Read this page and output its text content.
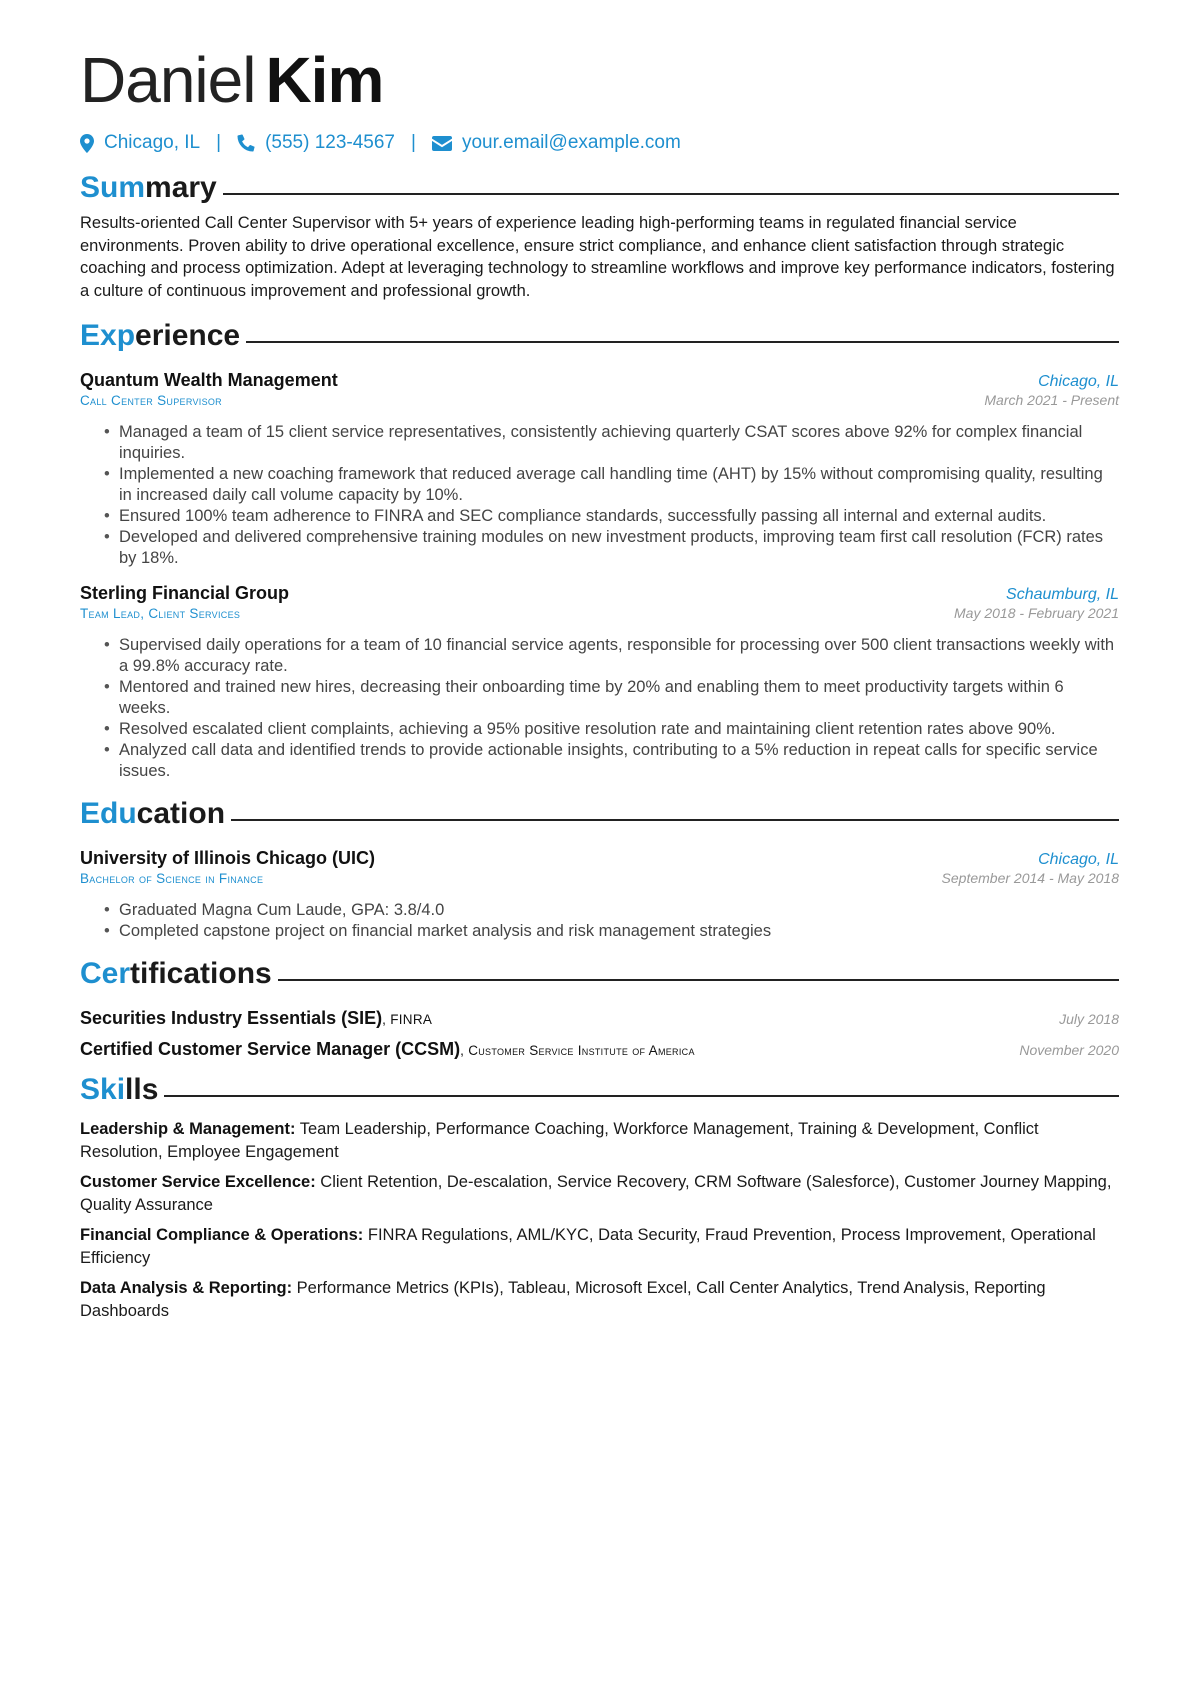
Daniel Kim
Chicago, IL | (555) 123-4567 | your.email@example.com
Summary
Results-oriented Call Center Supervisor with 5+ years of experience leading high-performing teams in regulated financial service environments. Proven ability to drive operational excellence, ensure strict compliance, and enhance client satisfaction through strategic coaching and process optimization. Adept at leveraging technology to streamline workflows and improve key performance indicators, fostering a culture of continuous improvement and professional growth.
Experience
Quantum Wealth Management	Chicago, IL
Call Center Supervisor	March 2021 - Present
• Managed a team of 15 client service representatives, consistently achieving quarterly CSAT scores above 92% for complex financial inquiries.
• Implemented a new coaching framework that reduced average call handling time (AHT) by 15% without compromising quality, resulting in increased daily call volume capacity by 10%.
• Ensured 100% team adherence to FINRA and SEC compliance standards, successfully passing all internal and external audits.
• Developed and delivered comprehensive training modules on new investment products, improving team first call resolution (FCR) rates by 18%.
Sterling Financial Group	Schaumburg, IL
Team Lead, Client Services	May 2018 - February 2021
• Supervised daily operations for a team of 10 financial service agents, responsible for processing over 500 client transactions weekly with a 99.8% accuracy rate.
• Mentored and trained new hires, decreasing their onboarding time by 20% and enabling them to meet productivity targets within 6 weeks.
• Resolved escalated client complaints, achieving a 95% positive resolution rate and maintaining client retention rates above 90%.
• Analyzed call data and identified trends to provide actionable insights, contributing to a 5% reduction in repeat calls for specific service issues.
Education
University of Illinois Chicago (UIC)	Chicago, IL
Bachelor of Science in Finance	September 2014 - May 2018
• Graduated Magna Cum Laude, GPA: 3.8/4.0
• Completed capstone project on financial market analysis and risk management strategies
Certifications
Securities Industry Essentials (SIE), FINRA	July 2018
Certified Customer Service Manager (CCSM), Customer Service Institute of America	November 2020
Skills
Leadership & Management: Team Leadership, Performance Coaching, Workforce Management, Training & Development, Conflict Resolution, Employee Engagement
Customer Service Excellence: Client Retention, De-escalation, Service Recovery, CRM Software (Salesforce), Customer Journey Mapping, Quality Assurance
Financial Compliance & Operations: FINRA Regulations, AML/KYC, Data Security, Fraud Prevention, Process Improvement, Operational Efficiency
Data Analysis & Reporting: Performance Metrics (KPIs), Tableau, Microsoft Excel, Call Center Analytics, Trend Analysis, Reporting Dashboards
